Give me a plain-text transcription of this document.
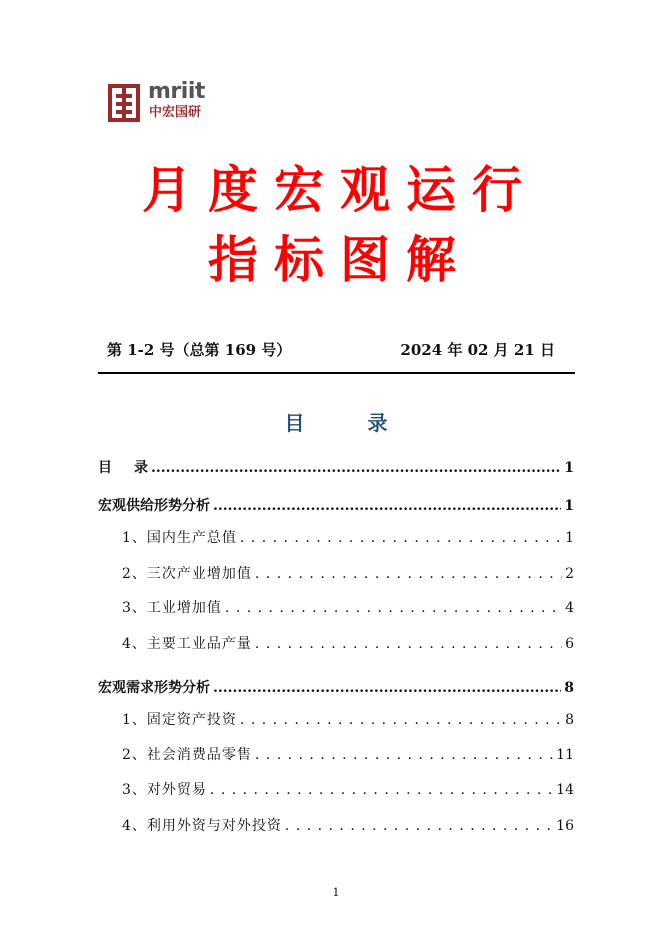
mriit
中宏国研
月度宏观运行
指标图解
第 1-2 号（总第 169 号）	2024 年 02 月 21 日
目 录
目 录 .....	1
宏观供给形势分析 .....	1
1、国内生产总值 . . .	1
2、三次产业增加值 . . .	2
3、工业增加值 . . .	4
4、主要工业品产量 . . .	6
宏观需求形势分析 .....	8
1、固定资产投资 . . .	8
2、社会消费品零售 . . .	11
3、对外贸易 . . .	14
4、利用外资与对外投资 . . .	16
1
